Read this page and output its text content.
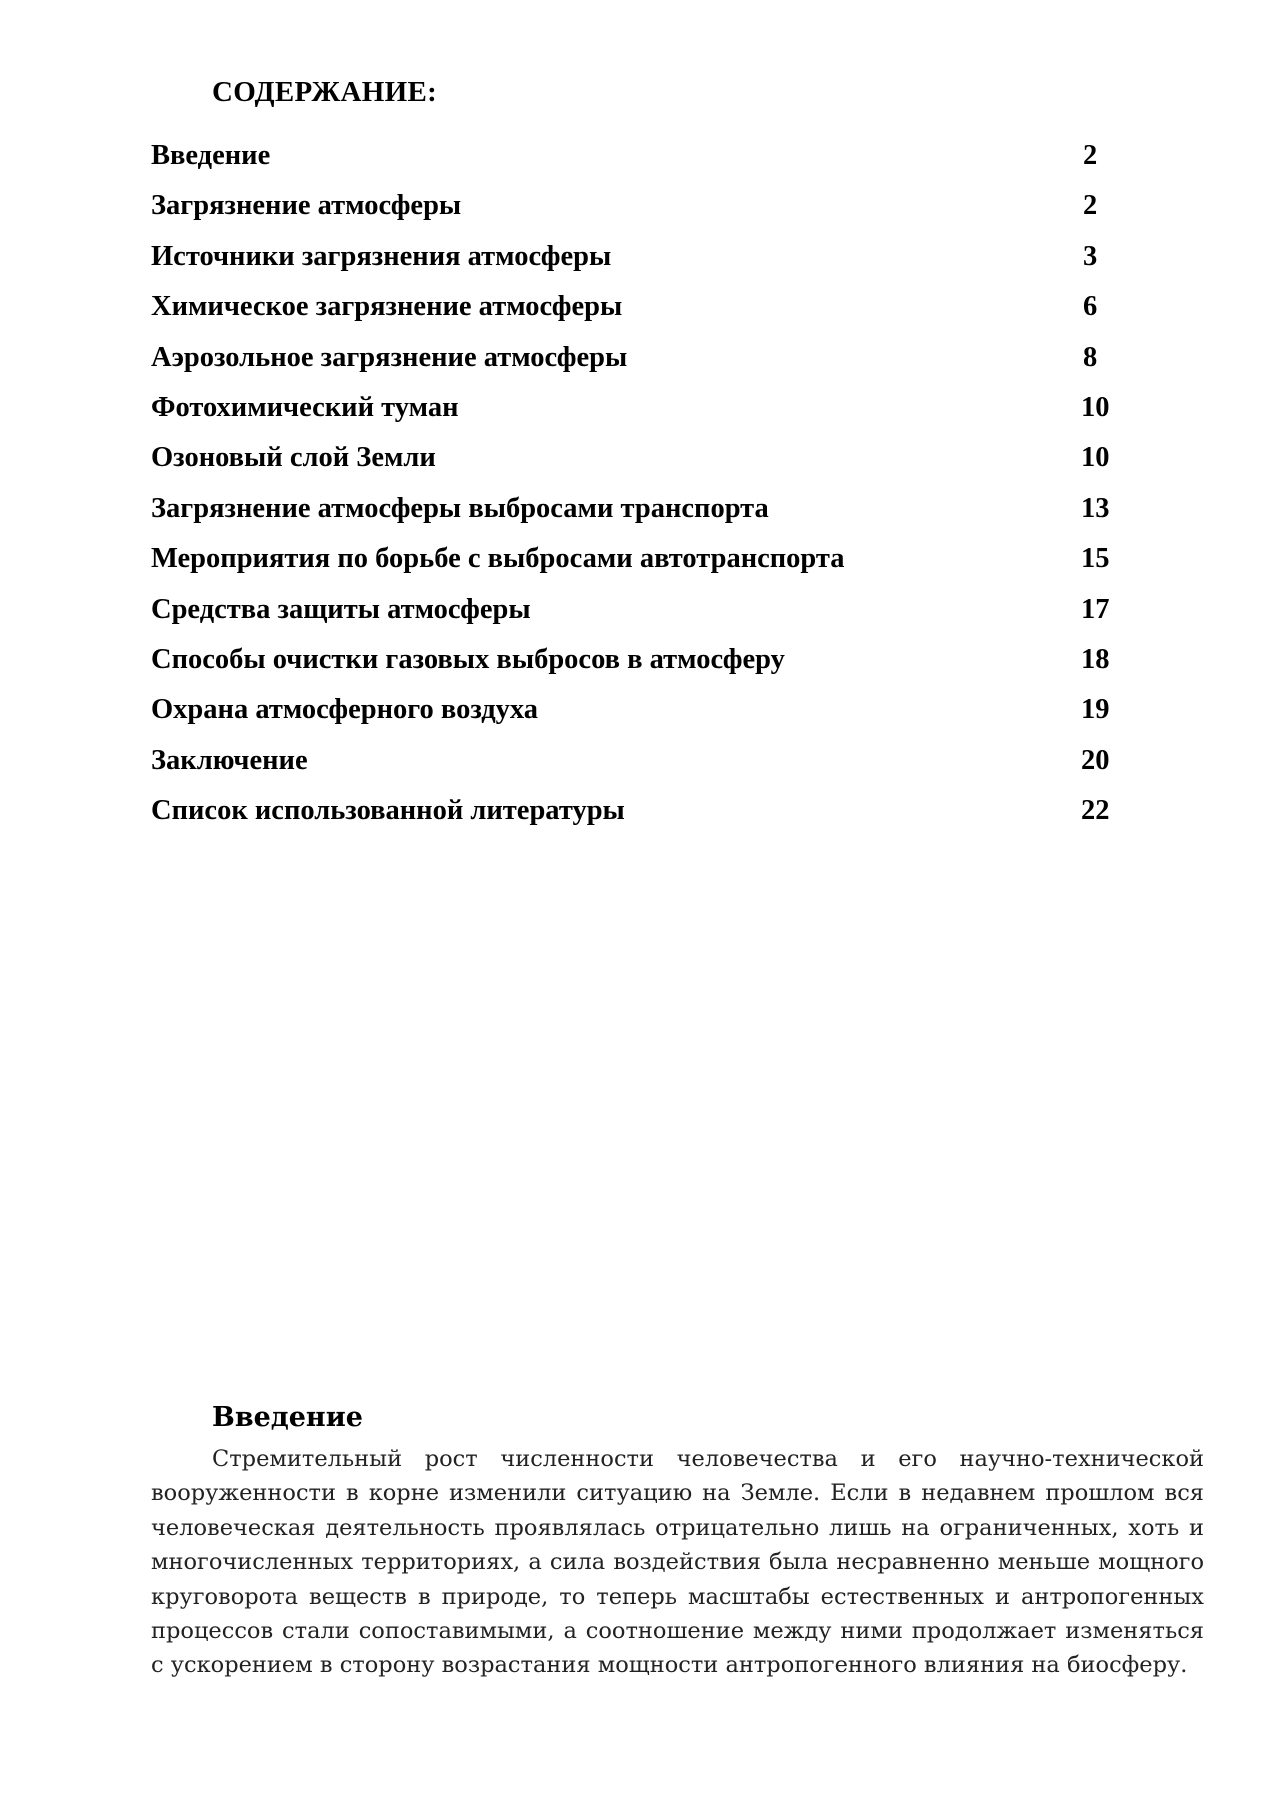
СОДЕРЖАНИЕ:
Введение	2
Загрязнение атмосферы	2
Источники загрязнения атмосферы	3
Химическое загрязнение атмосферы	6
Аэрозольное загрязнение атмосферы	8
Фотохимический туман	10
Озоновый слой Земли	10
Загрязнение атмосферы выбросами транспорта	13
Мероприятия по борьбе с выбросами автотранспорта	15
Средства защиты атмосферы	17
Способы очистки газовых выбросов в атмосферу	18
Охрана атмосферного воздуха	19
Заключение	20
Список использованной литературы	22
Введение

Стремительный рост численности человечества и его научно-технической вооруженности в корне изменили ситуацию на Земле. Если в недавнем прошлом вся человеческая деятельность проявлялась отрицательно лишь на ограниченных, хоть и многочисленных территориях, а сила воздействия была несравненно меньше мощного круговорота веществ в природе, то теперь масштабы естественных и антропогенных процессов стали сопоставимыми, а соотношение между ними продолжает изменяться с ускорением в сторону возрастания мощности антропогенного влияния на биосферу.
